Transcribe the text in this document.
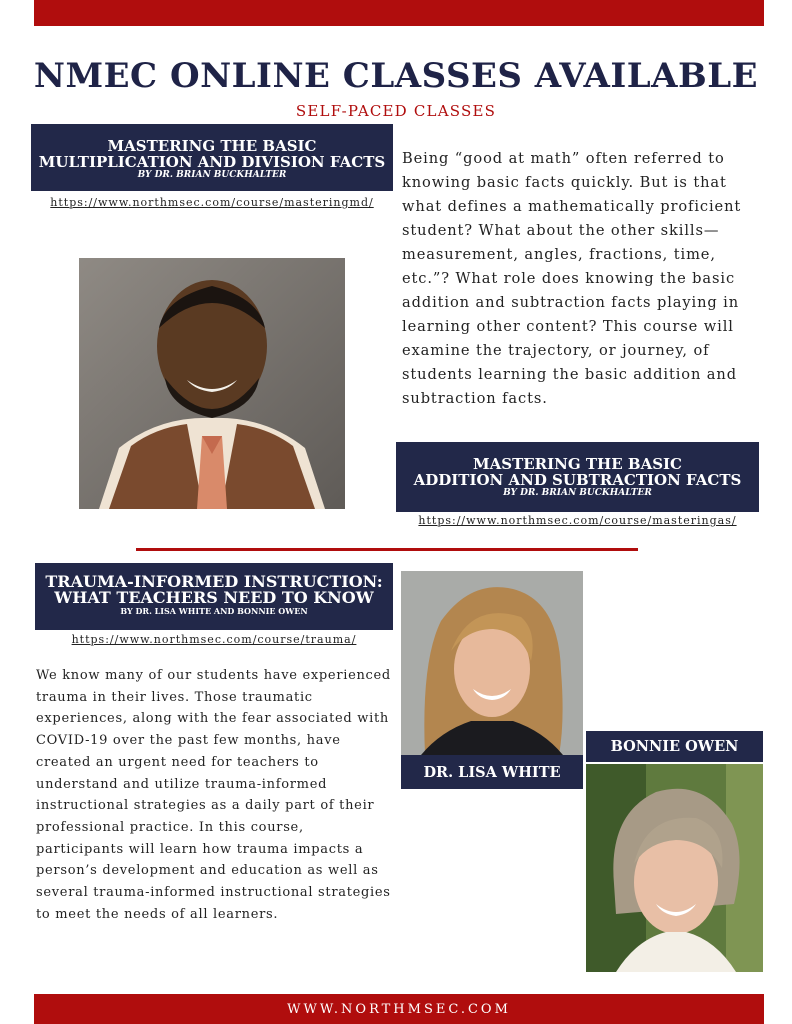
NMEC ONLINE CLASSES AVAILABLE
SELF-PACED CLASSES
MASTERING THE BASIC
MULTIPLICATION AND DIVISION FACTS
BY DR. BRIAN BUCKHALTER
https://www.northmsec.com/course/masteringmd/
Being “good at math” often referred to knowing basic facts quickly. But is that what defines a mathematically proficient student? What about the other skills—measurement, angles, fractions, time, etc.”? What role does knowing the basic addition and subtraction facts playing in learning other content? This course will examine the trajectory, or journey, of students learning the basic addition and subtraction facts.
MASTERING THE BASIC
ADDITION AND SUBTRACTION FACTS
BY DR. BRIAN BUCKHALTER
https://www.northmsec.com/course/masteringas/
TRAUMA-INFORMED INSTRUCTION:
WHAT TEACHERS NEED TO KNOW
BY DR. LISA WHITE AND BONNIE OWEN
https://www.northmsec.com/course/trauma/
We know many of our students have experienced trauma in their lives. Those traumatic experiences, along with the fear associated with COVID-19 over the past few months, have created an urgent need for teachers to understand and utilize trauma-informed instructional strategies as a daily part of their professional practice. In this course, participants will learn how trauma impacts a person’s development and education as well as several trauma-informed instructional strategies to meet the needs of all learners.
DR. LISA WHITE
BONNIE OWEN
WWW.NORTHMSEC.COM
